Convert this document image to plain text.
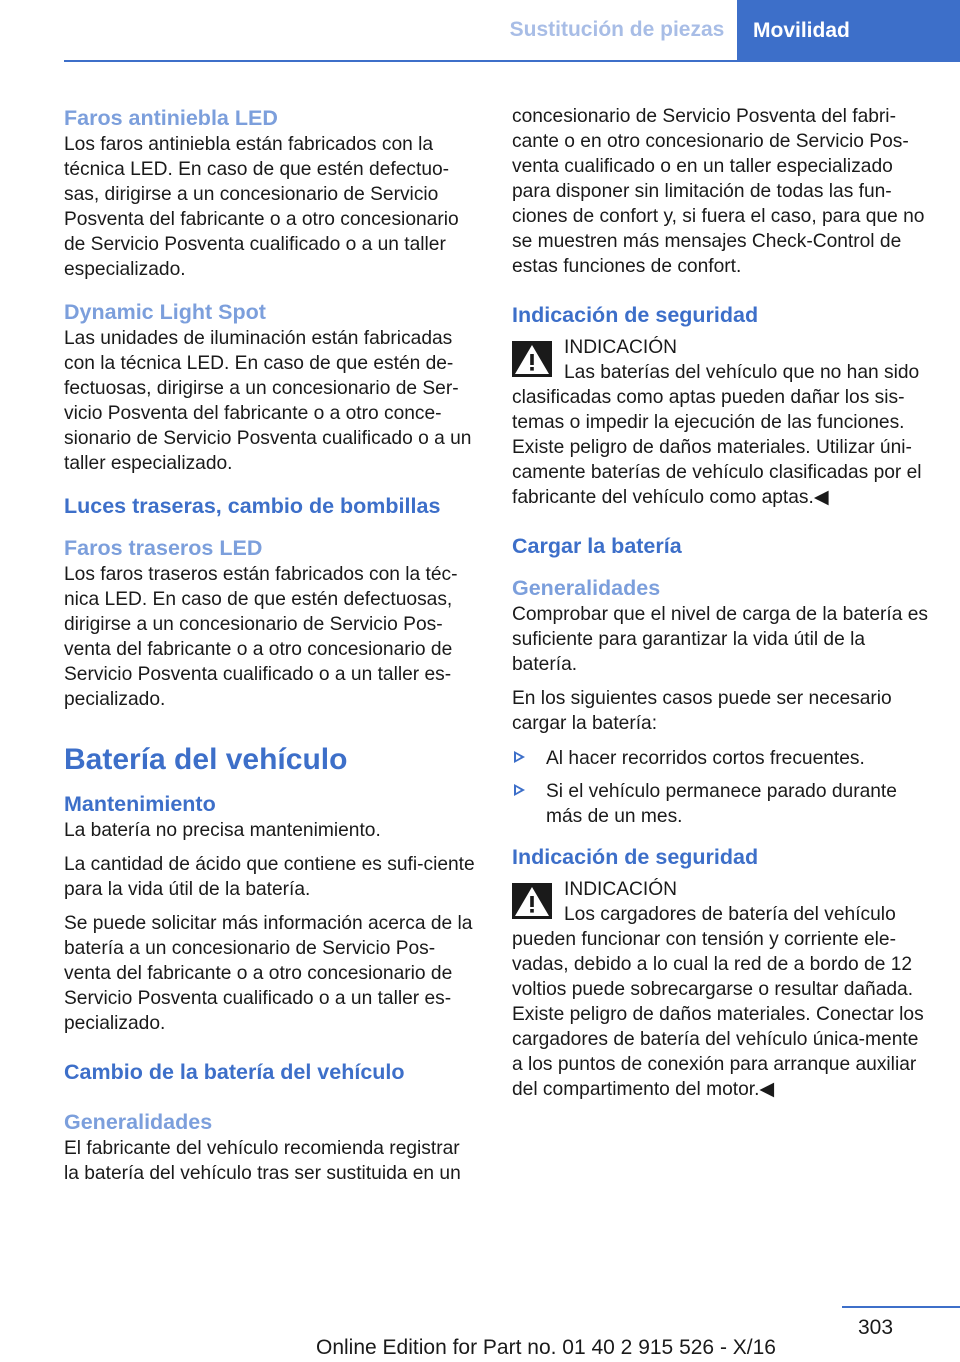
Sustitución de piezas	Movilidad
Faros antiniebla LED

Los faros antiniebla están fabricados con la técnica LED. En caso de que estén defectuo‐sas, dirigirse a un concesionario de Servicio Posventa del fabricante o a otro concesionario de Servicio Posventa cualificado o a un taller especializado.

Dynamic Light Spot

Las unidades de iluminación están fabricadas con la técnica LED. En caso de que estén de‐fectuosas, dirigirse a un concesionario de Ser‐vicio Posventa del fabricante o a otro conce‐sionario de Servicio Posventa cualificado o a un taller especializado.

Luces traseras, cambio de bombillas
Faros traseros LED

Los faros traseros están fabricados con la téc‐nica LED. En caso de que estén defectuosas, dirigirse a un concesionario de Servicio Pos‐venta del fabricante o a otro concesionario de Servicio Posventa cualificado o a un taller es‐pecializado.

Batería del vehículo
Mantenimiento

La batería no precisa mantenimiento.

La cantidad de ácido que contiene es sufi‐ciente para la vida útil de la batería.

Se puede solicitar más información acerca de la batería a un concesionario de Servicio Pos‐venta del fabricante o a otro concesionario de Servicio Posventa cualificado o a un taller es‐pecializado.

Cambio de la batería del vehículo
Generalidades

El fabricante del vehículo recomienda registrar la batería del vehículo tras ser sustituida en un

concesionario de Servicio Posventa del fabri‐cante o en otro concesionario de Servicio Pos‐venta cualificado o en un taller especializado para disponer sin limitación de todas las fun‐ciones de confort y, si fuera el caso, para que no se muestren más mensajes Check-Control de estas funciones de confort.

Indicación de seguridad
INDICACIÓN

Las baterías del vehículo que no han sido clasificadas como aptas pueden dañar los sis‐temas o impedir la ejecución de las funciones. Existe peligro de daños materiales. Utilizar úni‐camente baterías de vehículo clasificadas por el fabricante del vehículo como aptas.◀

Cargar la batería
Generalidades

Comprobar que el nivel de carga de la batería es suficiente para garantizar la vida útil de la batería.

En los siguientes casos puede ser necesario cargar la batería:

Al hacer recorridos cortos frecuentes.
Si el vehículo permanece parado durante más de un mes.
Indicación de seguridad
INDICACIÓN

Los cargadores de batería del vehículo pueden funcionar con tensión y corriente ele‐vadas, debido a lo cual la red de a bordo de 12 voltios puede sobrecargarse o resultar dañada. Existe peligro de daños materiales. Conectar los cargadores de batería del vehículo única‐mente a los puntos de conexión para arranque auxiliar del compartimento del motor.◀

303
Online Edition for Part no. 01 40 2 915 526 - X/16
